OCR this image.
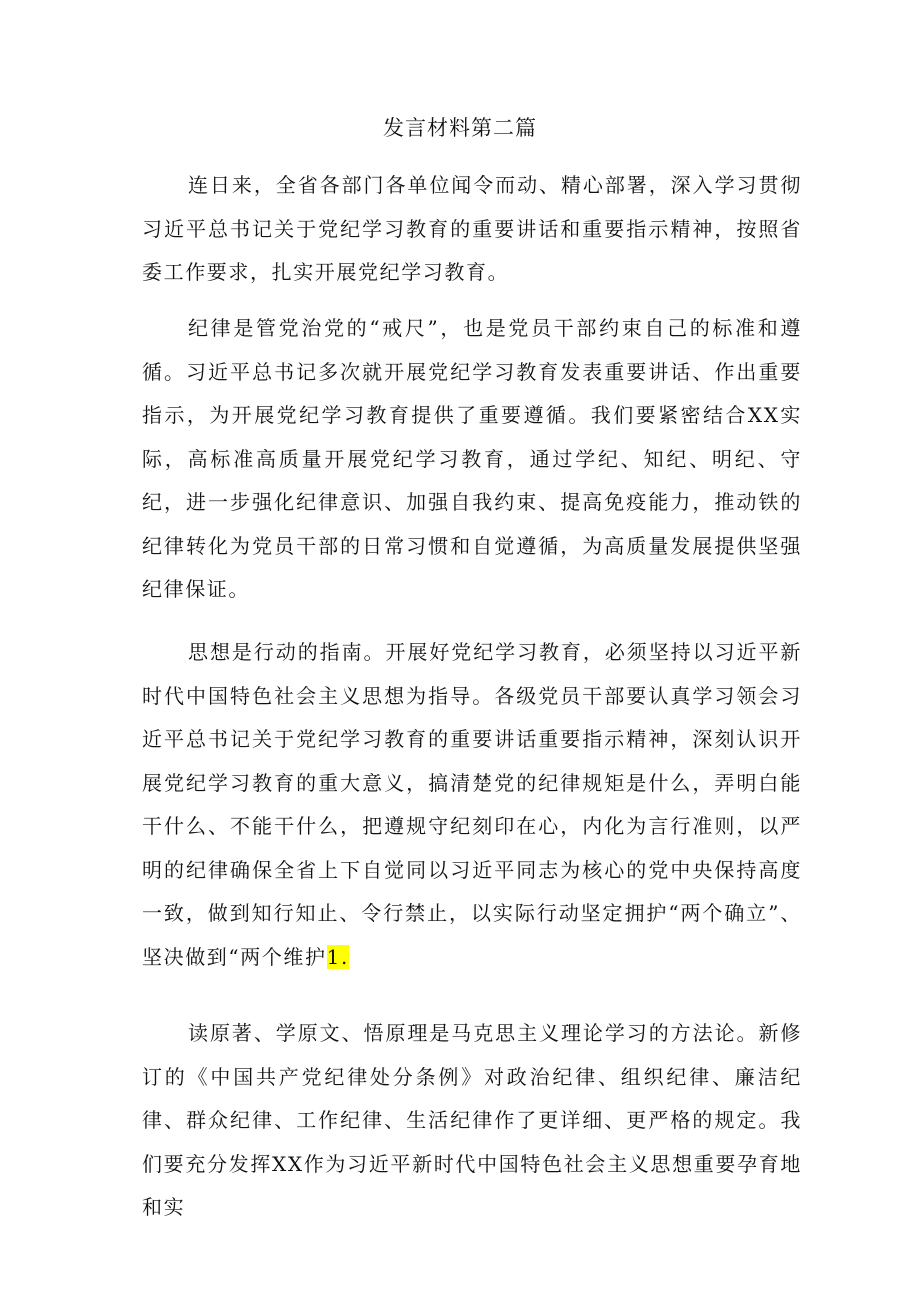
发言材料第二篇

连日来，全省各部门各单位闻令而动、精心部署，深入学习贯彻习近平总书记关于党纪学习教育的重要讲话和重要指示精神，按照省委工作要求，扎实开展党纪学习教育。

纪律是管党治党的“戒尺”，也是党员干部约束自己的标准和遵循。习近平总书记多次就开展党纪学习教育发表重要讲话、作出重要指示，为开展党纪学习教育提供了重要遵循。我们要紧密结合XX实际，高标准高质量开展党纪学习教育，通过学纪、知纪、明纪、守纪，进一步强化纪律意识、加强自我约束、提高免疫能力，推动铁的纪律转化为党员干部的日常习惯和自觉遵循，为高质量发展提供坚强纪律保证。

思想是行动的指南。开展好党纪学习教育，必须坚持以习近平新时代中国特色社会主义思想为指导。各级党员干部要认真学习领会习近平总书记关于党纪学习教育的重要讲话重要指示精神，深刻认识开展党纪学习教育的重大意义，搞清楚党的纪律规矩是什么，弄明白能干什么、不能干什么，把遵规守纪刻印在心，内化为言行准则，以严明的纪律确保全省上下自觉同以习近平同志为核心的党中央保持高度一致，做到知行知止、令行禁止，以实际行动坚定拥护“两个确立”、坚决做到“两个维护1.

读原著、学原文、悟原理是马克思主义理论学习的方法论。新修订的《中国共产党纪律处分条例》对政治纪律、组织纪律、廉洁纪律、群众纪律、工作纪律、生活纪律作了更详细、更严格的规定。我们要充分发挥XX作为习近平新时代中国特色社会主义思想重要孕育地和实
